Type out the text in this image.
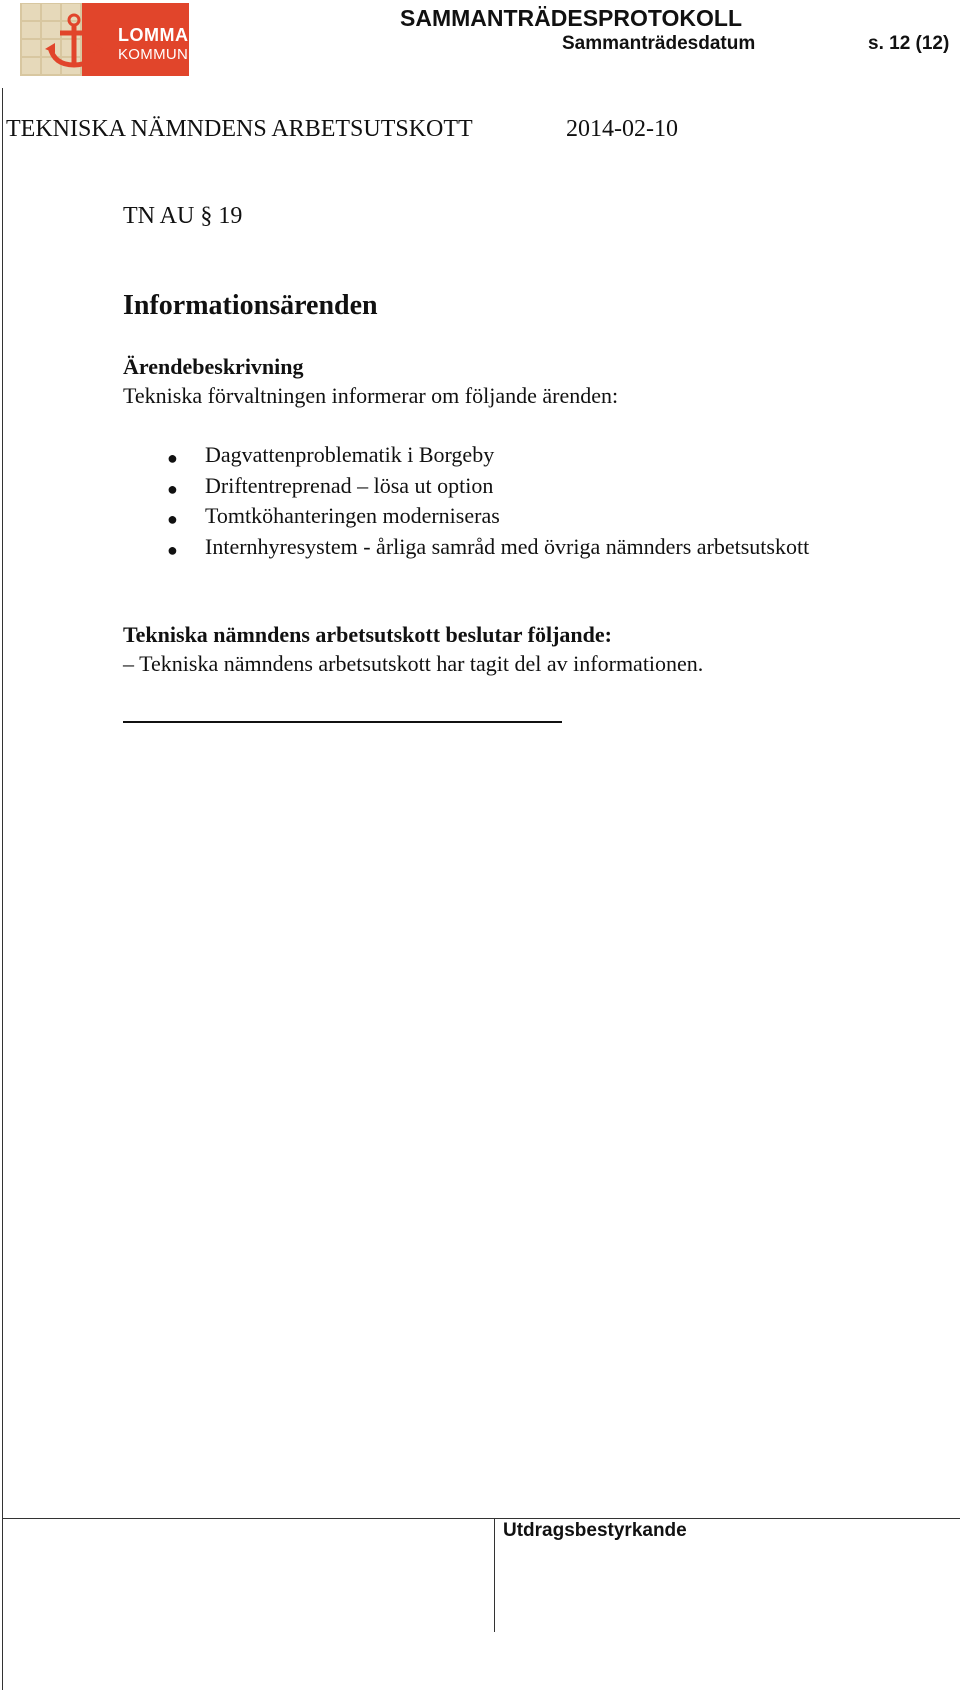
LOMMA
KOMMUN
SAMMANTRÄDESPROTOKOLL
Sammanträdesdatum	s. 12 (12)
TEKNISKA NÄMNDENS ARBETSUTSKOTT	2014-02-10
TN AU § 19
Informationsärenden
Ärendebeskrivning
Tekniska förvaltningen informerar om följande ärenden:
● Dagvattenproblematik i Borgeby
● Driftentreprenad – lösa ut option
● Tomtköhanteringen moderniseras
● Internhyresystem - årliga samråd med övriga nämnders arbetsutskott
Tekniska nämndens arbetsutskott beslutar följande:
– Tekniska nämndens arbetsutskott har tagit del av informationen.
Utdragsbestyrkande
